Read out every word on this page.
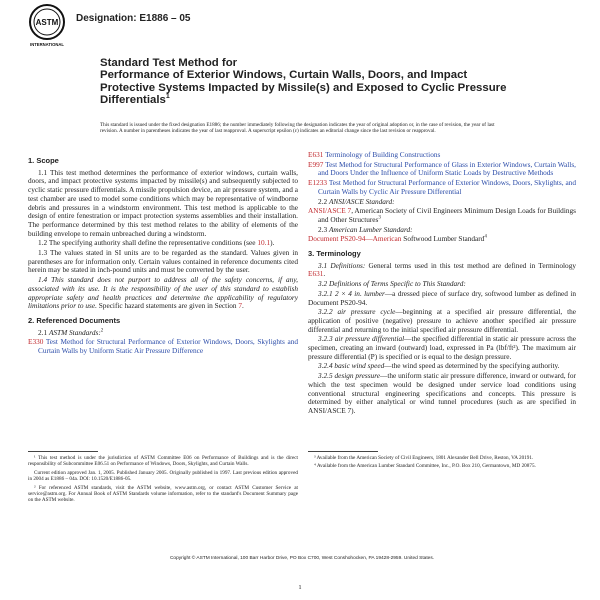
ASTM
INTERNATIONAL
Designation: E1886 – 05
Standard Test Method for
Performance of Exterior Windows, Curtain Walls, Doors, and Impact Protective Systems Impacted by Missile(s) and Exposed to Cyclic Pressure Differentials$^1$
This standard is issued under the fixed designation E1886; the number immediately following the designation indicates the year of original adoption or, in the case of revision, the year of last revision. A number in parentheses indicates the year of last reapproval. A superscript epsilon (ε) indicates an editorial change since the last revision or reapproval.
1. Scope

1.1 This test method determines the performance of exterior windows, curtain walls, doors, and impact protective systems impacted by missile(s) and subsequently subjected to cyclic static pressure differentials. A missile propulsion device, an air pressure system, and a test chamber are used to model some conditions which may be representative of windborne debris and pressures in a windstorm environment. This test method is applicable to the design of entire fenestration or impact protection systems assemblies and their installation. The performance determined by this test method relates to the ability of elements of the building envelope to remain unbreached during a windstorm.

1.2 The specifying authority shall define the representative conditions (see 10.1).

1.3 The values stated in SI units are to be regarded as the standard. Values given in parentheses are for information only. Certain values contained in reference documents cited herein may be stated in inch-pound units and must be converted by the user.

1.4 This standard does not purport to address all of the safety concerns, if any, associated with its use. It is the responsibility of the user of this standard to establish appropriate safety and health practices and determine the applicability of regulatory limitations prior to use. Specific hazard statements are given in Section 7.

2. Referenced Documents

2.1 ASTM Standards:$^2$

E330 Test Method for Structural Performance of Exterior Windows, Doors, Skylights and Curtain Walls by Uniform Static Air Pressure Difference

E631 Terminology of Building Constructions

E997 Test Method for Structural Performance of Glass in Exterior Windows, Curtain Walls, and Doors Under the Influence of Uniform Static Loads by Destructive Methods

E1233 Test Method for Structural Performance of Exterior Windows, Doors, Skylights, and Curtain Walls by Cyclic Air Pressure Differential

2.2 ANSI/ASCE Standard:

ANSI/ASCE 7, American Society of Civil Engineers Minimum Design Loads for Buildings and Other Structures$^3$

2.3 American Lumber Standard:

Document PS20-94—American Softwood Lumber Standard$^4$

3. Terminology

3.1 Definitions: General terms used in this test method are defined in Terminology E631.

3.2 Definitions of Terms Specific to This Standard:

3.2.1 2 × 4 in. lumber—a dressed piece of surface dry, softwood lumber as defined in Document PS20-94.

3.2.2 air pressure cycle—beginning at a specified air pressure differential, the application of positive (negative) pressure to achieve another specified air pressure differential and returning to the initial specified air pressure differential.

3.2.3 air pressure differential—the specified differential in static air pressure across the specimen, creating an inward (outward) load, expressed in Pa (lbf/ft²). The maximum air pressure differential (P) is specified or is equal to the design pressure.

3.2.4 basic wind speed—the wind speed as determined by the specifying authority.

3.2.5 design pressure—the uniform static air pressure difference, inward or outward, for which the test specimen would be designed under service load conditions using conventional structural engineering specifications and concepts. This pressure is determined by either analytical or wind tunnel procedures (such as are specified in ANSI/ASCE 7).

¹ This test method is under the jurisdiction of ASTM Committee E06 on Performance of Buildings and is the direct responsibility of Subcommittee E06.51 on Performance of Windows, Doors, Skylights, and Curtain Walls.
Current edition approved Jan. 1, 2005. Published January 2005. Originally published in 1997. Last previous edition approved in 2004 as E1886 – 04a. DOI: 10.1520/E1886-05.
² For referenced ASTM standards, visit the ASTM website, www.astm.org, or contact ASTM Customer Service at service@astm.org. For Annual Book of ASTM Standards volume information, refer to the standard's Document Summary page on the ASTM website.
³ Available from the American Society of Civil Engineers, 1801 Alexander Bell Drive, Reston, VA 20191.
⁴ Available from the American Lumber Standard Committee, Inc., P.O. Box 210, Germantown, MD 20875.
Copyright © ASTM International, 100 Barr Harbor Drive, PO Box C700, West Conshohocken, PA 19428-2959. United States.
1
